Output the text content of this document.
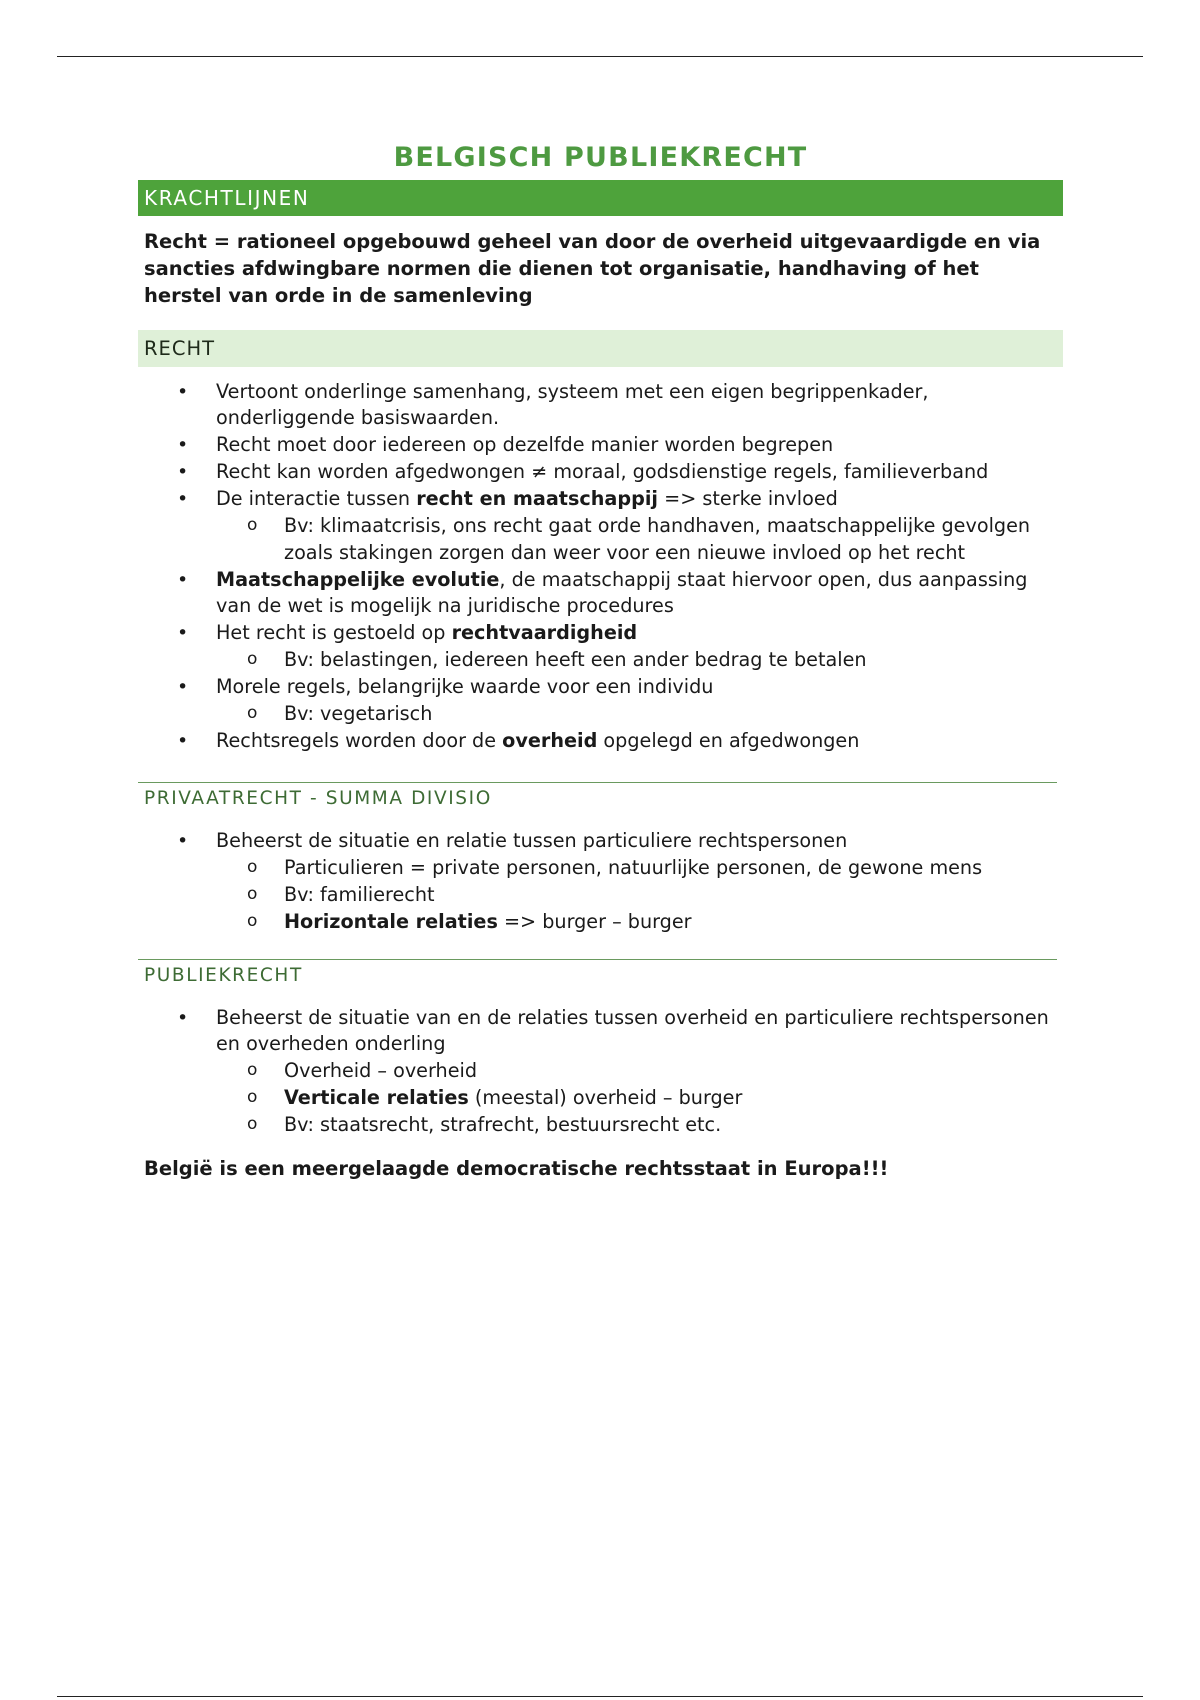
BELGISCH PUBLIEKRECHT
KRACHTLIJNEN

Recht = rationeel opgebouwd geheel van door de overheid uitgevaardigde en via sancties afdwingbare normen die dienen tot organisatie, handhaving of het herstel van orde in de samenleving

RECHT
• Vertoont onderlinge samenhang, systeem met een eigen begrippenkader, onderliggende basiswaarden.
• Recht moet door iedereen op dezelfde manier worden begrepen
• Recht kan worden afgedwongen ≠ moraal, godsdienstige regels, familieverband
• De interactie tussen recht en maatschappij => sterke invloed
o Bv: klimaatcrisis, ons recht gaat orde handhaven, maatschappelijke gevolgen zoals stakingen zorgen dan weer voor een nieuwe invloed op het recht
• Maatschappelijke evolutie, de maatschappij staat hiervoor open, dus aanpassing van de wet is mogelijk na juridische procedures
• Het recht is gestoeld op rechtvaardigheid
o Bv: belastingen, iedereen heeft een ander bedrag te betalen
• Morele regels, belangrijke waarde voor een individu
o Bv: vegetarisch
• Rechtsregels worden door de overheid opgelegd en afgedwongen
PRIVAATRECHT - SUMMA DIVISIO
• Beheerst de situatie en relatie tussen particuliere rechtspersonen
o Particulieren = private personen, natuurlijke personen, de gewone mens
o Bv: familierecht
o Horizontale relaties => burger – burger
PUBLIEKRECHT
• Beheerst de situatie van en de relaties tussen overheid en particuliere rechtspersonen en overheden onderling
o Overheid – overheid
o Verticale relaties (meestal) overheid – burger
o Bv: staatsrecht, strafrecht, bestuursrecht etc.

België is een meergelaagde democratische rechtsstaat in Europa!!!
